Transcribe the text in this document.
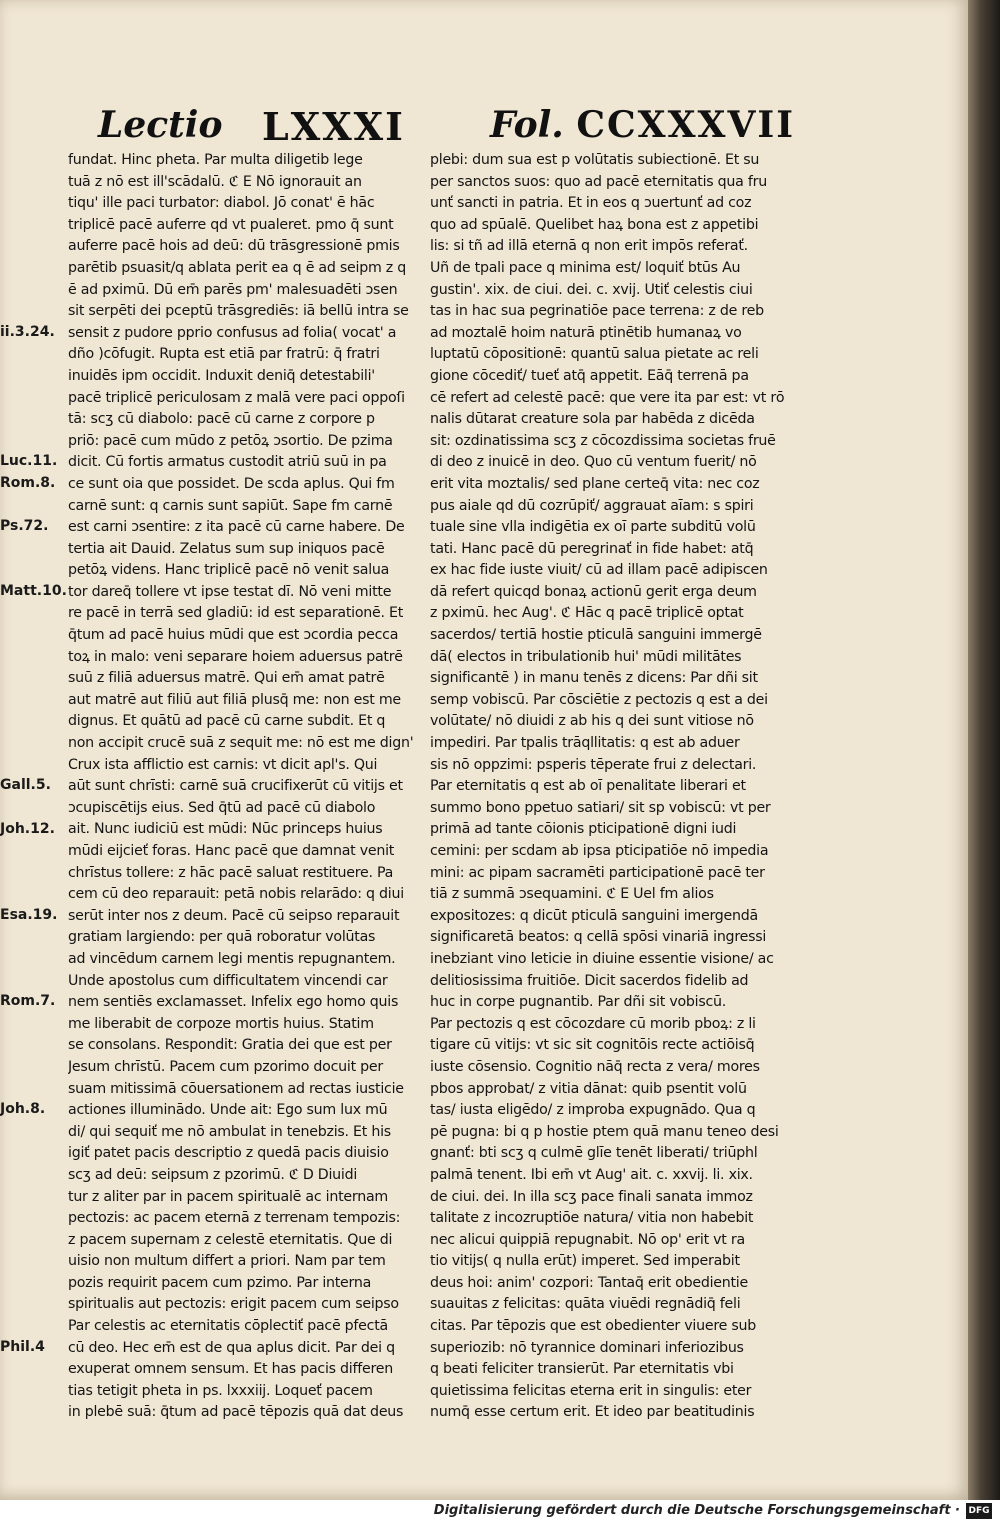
Lectio LXXXI Fol. CCXXXVII
ii.3.24.
Luc.11.
Rom.8.
Ps.72.
Matt.10.
Gall.5.
Joh.12.
Esa.19.
Rom.7.
Joh.8.
Phil.4
fundat. Hinc pheta. Par multa diligetib lege
tuā z nō est ill'scādalū. ℭ E Nō ignorauit an
tiqu' ille paci turbator: diabol. Jō conat' ē hāc
triplicē pacē auferre qd vt pualeret. pmo q̄ sunt
auferre pacē hois ad deū: dū trāsgressionē pmis
parētib psuasit/q ablata perit ea q ē ad seipm z q
ē ad pximū. Dū em̄ parēs pm' malesuadēti ɔsen
sit serpēti dei pceptū trāsgrediēs: iā bellū intra se
sensit z pudore pprio confusus ad folia( vocat' a
dño )cōfugit. Rupta est etiā par fratrū: q̄ fratri
inuidēs ipm occidit. Induxit deniq̄ detestabili'
pacē triplicē periculosam z malā vere paci oppoſi
tā: scʒ cū diabolo: pacē cū carne z corpore p
priō: pacē cum mūdo z petōꝝ ɔsortio. De pzima
dicit. Cū fortis armatus custodit atriū suū in pa
ce sunt oia que possidet. De scda aplus. Qui fm
carnē sunt: q carnis sunt sapiūt. Sape fm carnē
est carni ɔsentire: z ita pacē cū carne habere. De
tertia ait Dauid. Zelatus sum sup iniquos pacē
petōꝝ videns. Hanc triplicē pacē nō venit salua
tor dareq̄ tollere vt ipse testat dī. Nō veni mitte
re pacē in terrā sed gladiū: id est separationē. Et
q̄tum ad pacē huius mūdi que est ɔcordia pecca
toꝝ in malo: veni separare hoiem aduersus patrē
suū z filiā aduersus matrē. Qui em̄ amat patrē
aut matrē aut filiū aut filiā plusq̄ me: non est me
dignus. Et quātū ad pacē cū carne subdit. Et q
non accipit crucē suā z sequit me: nō est me dign'
Crux ista afflictio est carnis: vt dicit apl's. Qui
aūt sunt chrīsti: carnē suā crucifixerūt cū vitijs et
ɔcupiscētijs eius. Sed q̄tū ad pacē cū diabolo
ait. Nunc iudiciū est mūdi: Nūc princeps huius
mūdi eijcieť foras. Hanc pacē que damnat venit
chrīstus tollere: z hāc pacē saluat restituere. Pa
cem cū deo reparauit: petā nobis relarādo: q diui
serūt inter nos z deum. Pacē cū seipso reparauit
gratiam largiendo: per quā roboratur volūtas
ad vincēdum carnem legi mentis repugnantem.
Unde apostolus cum difficultatem vincendi car
nem sentiēs exclamasset. Infelix ego homo quis
me liberabit de corpoze mortis huius. Statim
se consolans. Respondit: Gratia dei que est per
Jesum chrīstū. Pacem cum pzorimo docuit per
suam mitissimā cōuersationem ad rectas iusticie
actiones illuminādo. Unde ait: Ego sum lux mū
di/ qui sequiť me nō ambulat in tenebzis. Et his
igiť patet pacis descriptio z quedā pacis diuisio
scʒ ad deū: seipsum z pzorimū. ℭ D Diuidi
tur z aliter par in pacem spiritualē ac internam
pectozis: ac pacem eternā z terrenam tempozis:
z pacem supernam z celestē eternitatis. Que di
uisio non multum differt a priori. Nam par tem
pozis requirit pacem cum pzimo. Par interna
spiritualis aut pectozis: erigit pacem cum seipso
Par celestis ac eternitatis cōplectiť pacē pfectā
cū deo. Hec em̄ est de qua aplus dicit. Par dei q
exuperat omnem sensum. Et has pacis differen
tias tetigit pheta in ps. lxxxiij. Loqueť pacem
in plebē suā: q̄tum ad pacē tēpozis quā dat deus
plebi: dum sua est p volūtatis subiectionē. Et su
per sanctos suos: quo ad pacē eternitatis qua fru
unť sancti in patria. Et in eos q ɔuertunť ad coz
quo ad spūalē. Quelibet haꝝ bona est z appetibi
lis: si tñ ad illā eternā q non erit impōs referať.
Uñ de tpali pace q minima est/ loquiť btūs Au
gustin'. xix. de ciui. dei. c. xvij. Utiť celestis ciui
tas in hac sua pegrinatiōe pace terrena: z de reb
ad moztalē hoim naturā ptinētib humanaꝝ vo
luptatū cōpositionē: quantū salua pietate ac reli
gione cōcediť/ tueť atq̄ appetit. Eāq̄ terrenā pa
cē refert ad celestē pacē: que vere ita par est: vt rō
nalis dūtarat creature sola par habēda z dicēda
sit: ozdinatissima scʒ z cōcozdissima societas fruē
di deo z inuicē in deo. Quo cū ventum fuerit/ nō
erit vita moztalis/ sed plane certeq̄ vita: nec coz
pus aiale qd dū cozrūpiť/ aggrauat aīam: s spiri
tuale sine vlla indigētia ex oī parte subditū volū
tati. Hanc pacē dū peregrinať in fide habet: atq̄
ex hac fide iuste viuit/ cū ad illam pacē adipiscen
dā refert quicqd bonaꝝ actionū gerit erga deum
z pximū. hec Aug'. ℭ Hāc q pacē triplicē optat
sacerdos/ tertiā hostie pticulā sanguini immergē
dā( electos in tribulationib hui' mūdi militātes
significantē ) in manu tenēs z dicens: Par dñi sit
semp vobiscū. Par cōsciētie z pectozis q est a dei
volūtate/ nō diuidi z ab his q dei sunt vitiose nō
impediri. Par tpalis trāqllitatis: q est ab aduer
sis nō oppzimi: psperis tēperate frui z delectari.
Par eternitatis q est ab oī penalitate liberari et
summo bono ppetuo satiari/ sit sp vobiscū: vt per
primā ad tante cōionis pticipationē digni iudi
cemini: per scdam ab ipsa pticipatiōe nō impedia
mini: ac pipam sacramēti participationē pacē ter
tiā z summā ɔsequamini. ℭ E Uel fm alios
expositozes: q dicūt pticulā sanguini imergendā
significaretā beatos: q cellā spōsi vinariā ingressi
inebziant vino leticie in diuine essentie visione/ ac
delitiosissima fruitiōe. Dicit sacerdos fidelib ad
huc in corpe pugnantib. Par dñi sit vobiscū.
Par pectozis q est cōcozdare cū morib pboꝝ: z li
tigare cū vitijs: vt sic sit cognitōis recte actiōisq̄
iuste cōsensio. Cognitio nāq̄ recta z vera/ mores
pbos approbat/ z vitia dānat: quib psentit volū
tas/ iusta eligēdo/ z improba expugnādo. Qua q
pē pugna: bi q p hostie ptem quā manu teneo desi
gnanť: bti scʒ q culmē glīe tenēt liberati/ triūphl
palmā tenent. Ibi em̄ vt Aug' ait. c. xxvij. li. xix.
de ciui. dei. In illa scʒ pace finali sanata immoz
talitate z incozruptiōe natura/ vitia non habebit
nec alicui quippiā repugnabit. Nō op' erit vt ra
tio vitijs( q nulla erūt) imperet. Sed imperabit
deus hoi: anim' cozpori: Tantaq̄ erit obedientie
suauitas z felicitas: quāta viuēdi regnādiq̄ feli
citas. Par tēpozis que est obedienter viuere sub
superiozib: nō tyrannice dominari inferiozibus
q beati feliciter transierūt. Par eternitatis vbi
quietissima felicitas eterna erit in singulis: eter
numq̄ esse certum erit. Et ideo par beatitudinis
Digitalisierung gefördert durch die Deutsche Forschungsgemeinschaft · DFG
